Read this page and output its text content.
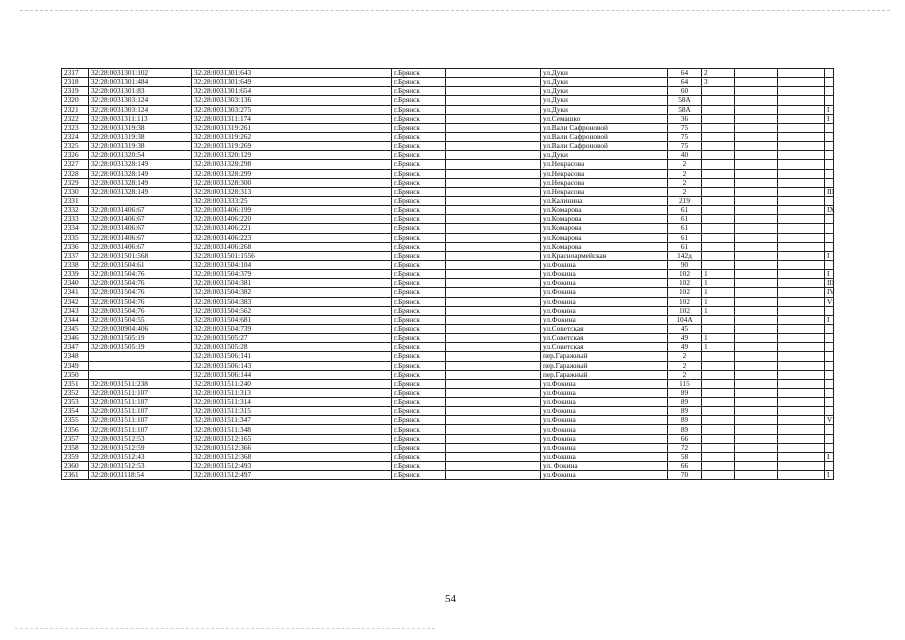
2317	32:28:0031301:102	32:28:0031301:643	г.Брянск		ул.Дуки	64	2			
2318	32:28:0031301:484	32:28:0031301:649	г.Брянск		ул.Дуки	64	3			
2319	32:28:0031301:83	32:28:0031301:654	г.Брянск		ул.Дуки	60				
2320	32:28:0031303:124	32:28:0031303:136	г.Брянск		ул.Дуки	58А				
2321	32:28:0031303:124	32:28:0031303:275	г.Брянск		ул.Дуки	58А				I
2322	32:28:0031311:113	32:28:0031311:174	г.Брянск		ул.Семашко	36				I
2323	32:28:0031319:38	32:28:0031319:261	г.Брянск		ул.Вали Сафроновой	75				
2324	32:28:0031319:38	32:28:0031319:262	г.Брянск		ул.Вали Сафроновой	75				
2325	32:28:0031319:38	32:28:0031319:269	г.Брянск		ул.Вали Сафроновой	75				
2326	32:28:0031320:54	32:28:0031320:129	г.Брянск		ул.Дуки	40				
2327	32:28:0031328:149	32:28:0031328:298	г.Брянск		ул.Некрасова	2				
2328	32:28:0031328:149	32:28:0031328:299	г.Брянск		ул.Некрасова	2				
2329	32:28:0031328:149	32:28:0031328:300	г.Брянск		ул.Некрасова	2				
2330	32:28:0031328:149	32:28:0031328:313	г.Брянск		ул.Некрасова	2				III
2331		32:28:0031333:25	г.Брянск		ул.Калинина	219				
2332	32:28:0031406:67	32:28:0031406:199	г.Брянск		ул.Комарова	61				IX
2333	32:28:0031406:67	32:28:0031406:220	г.Брянск		ул.Комарова	61				
2334	32:28:0031406:67	32:28:0031406:221	г.Брянск		ул.Комарова	61				
2335	32:28:0031406:67	32:28:0031406:223	г.Брянск		ул.Комарова	61				
2336	32:28:0031406:67	32:28:0031406:268	г.Брянск		ул.Комарова	61				
2337	32:28:0031501:568	32:28:0031501:1556	г.Брянск		ул.Красноармейская	142д				I
2338	32:28:0031504:61	32:28:0031504:104	г.Брянск		ул.Фокина	90				
2339	32:28:0031504:76	32:28:0031504:379	г.Брянск		ул.Фокина	102	1			I
2340	32:28:0031504:76	32:28:0031504:381	г.Брянск		ул.Фокина	102	1			III
2341	32:28:0031504:76	32:28:0031504:382	г.Брянск		ул.Фокина	102	1			IV
2342	32:28:0031504:76	32:28:0031504:383	г.Брянск		ул.Фокина	102	1			V
2343	32:28:0031504:76	32:28:0031504:562	г.Брянск		ул.Фокина	102	1			
2344	32:28:0031504:55	32:28:0031504:681	г.Брянск		ул.Фокина	104А				I
2345	32:28:0030904:406	32:28:0031504:739	г.Брянск		ул.Советская	45				
2346	32:28:0031505:19	32:28:0031505:27	г.Брянск		ул.Советская	49	1			
2347	32:28:0031505:19	32:28:0031505:28	г.Брянск		ул.Советская	49	1			
2348		32:28:0031506:141	г.Брянск		пер.Гаражный	2				
2349		32:28:0031506:143	г.Брянск		пер.Гаражный	2				
2350		32:28:0031506:144	г.Брянск		пер.Гаражный	2				
2351	32:28:0031511:238	32:28:0031511:240	г.Брянск		ул.Фокина	115				
2352	32:28:0031511:107	32:28:0031511:313	г.Брянск		ул.Фокина	89				
2353	32:28:0031511:107	32:28:0031511:314	г.Брянск		ул.Фокина	89				
2354	32:28:0031511:107	32:28:0031511:315	г.Брянск		ул.Фокина	89				
2355	32:28:0031511:107	32:28:0031511:347	г.Брянск		ул.Фокина	89				VI
2356	32:28:0031511:107	32:28:0031511:348	г.Брянск		ул.Фокина	89				
2357	32:28:0031512:53	32:28:0031512:165	г.Брянск		ул.Фокина	66				
2358	32:28:0031512:59	32:28:0031512:366	г.Брянск		ул.Фокина	72				
2359	32:28:0031512:43	32:28:0031512:368	г.Брянск		ул.Фокина	58				I
2360	32:28:0031512:53	32:28:0031512:493	г.Брянск		ул. Фокина	66				
2361	32:28:0031118:54	32:28:0031512:497	г.Брянск		ул.Фокина	70				I
54
